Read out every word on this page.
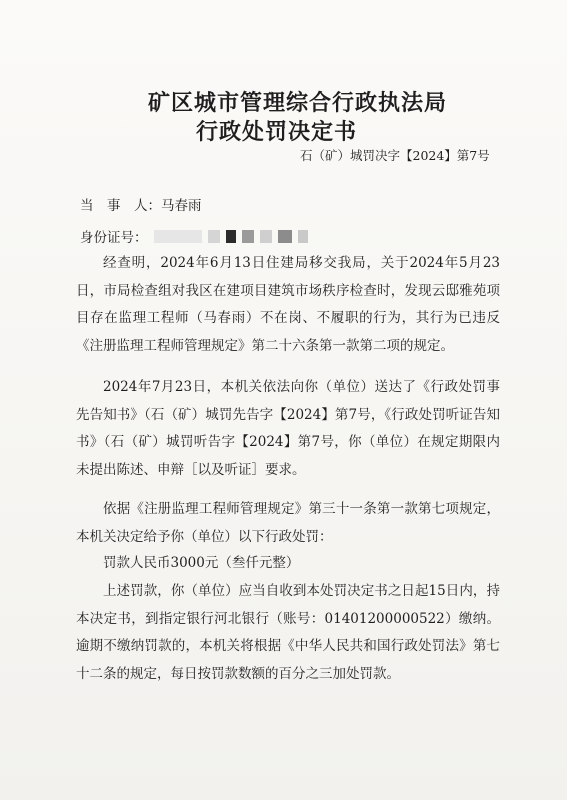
矿区城市管理综合行政执法局
行政处罚决定书
石（矿）城罚决字【2024】第7号
当　事　人：马春雨
身份证号：

经查明，2024年6月13日住建局移交我局，关于2024年5月23日，市局检查组对我区在建项目建筑市场秩序检查时，发现云邸雅苑项目存在监理工程师（马春雨）不在岗、不履职的行为，其行为已违反《注册监理工程师管理规定》第二十六条第一款第二项的规定。

2024年7月23日，本机关依法向你（单位）送达了《行政处罚事先告知书》（石（矿）城罚先告字【2024】第7号，《行政处罚听证告知书》（石（矿）城罚听告字【2024】第7号，你（单位）在规定期限内未提出陈述、申辩［以及听证］要求。

依据《注册监理工程师管理规定》第三十一条第一款第七项规定，本机关决定给予你（单位）以下行政处罚：

罚款人民币3000元（叁仟元整）

上述罚款，你（单位）应当自收到本处罚决定书之日起15日内，持本决定书，到指定银行河北银行（账号：01401200000522）缴纳。逾期不缴纳罚款的，本机关将根据《中华人民共和国行政处罚法》第七十二条的规定，每日按罚款数额的百分之三加处罚款。
